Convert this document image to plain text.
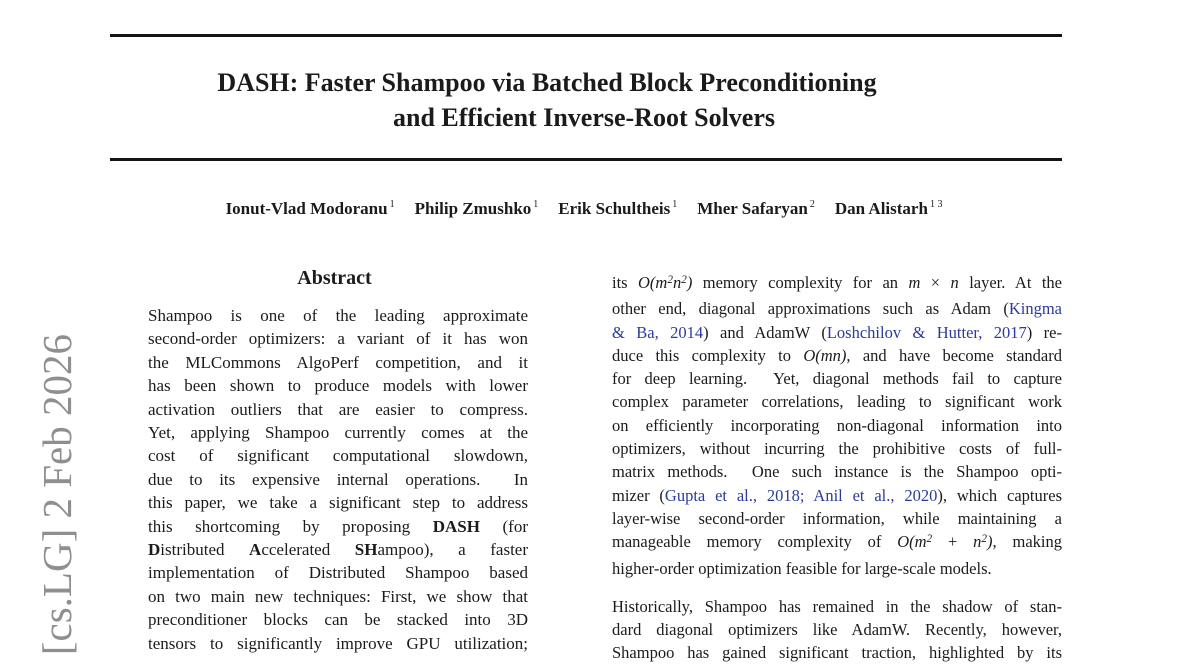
[cs.LG] 2 Feb 2026
DASH: Faster Shampoo via Batched Block Preconditioning
and Efficient Inverse-Root Solvers
Ionut-Vlad Modoranu $^1$ Philip Zmushko $^1$ Erik Schultheis $^1$ Mher Safaryan $^2$ Dan Alistarh $^{1 3}$
Abstract
Shampoo is one of the leading approximate
second-order optimizers: a variant of it has won
the MLCommons AlgoPerf competition, and it
has been shown to produce models with lower
activation outliers that are easier to compress.
Yet, applying Shampoo currently comes at the
cost of significant computational slowdown,
due to its expensive internal operations.  In
this paper, we take a significant step to address
this shortcoming by proposing DASH (for
Distributed Accelerated SHampoo), a faster
implementation of Distributed Shampoo based
on two main new techniques: First, we show that
preconditioner blocks can be stacked into 3D
tensors to significantly improve GPU utilization;
its $O(m^2n^2)$ memory complexity for an m × n layer. At the
other end, diagonal approximations such as Adam (Kingma
& Ba, 2014) and AdamW (Loshchilov & Hutter, 2017) re-
duce this complexity to O(mn), and have become standard
for deep learning.  Yet, diagonal methods fail to capture
complex parameter correlations, leading to significant work
on efficiently incorporating non-diagonal information into
optimizers, without incurring the prohibitive costs of full-
matrix methods.  One such instance is the Shampoo opti-
mizer (Gupta et al., 2018; Anil et al., 2020), which captures
layer-wise second-order information, while maintaining a
manageable memory complexity of $O(m^2 + n^2)$, making
higher-order optimization feasible for large-scale models.
Historically, Shampoo has remained in the shadow of stan-
dard diagonal optimizers like AdamW. Recently, however,
Shampoo has gained significant traction, highlighted by its
